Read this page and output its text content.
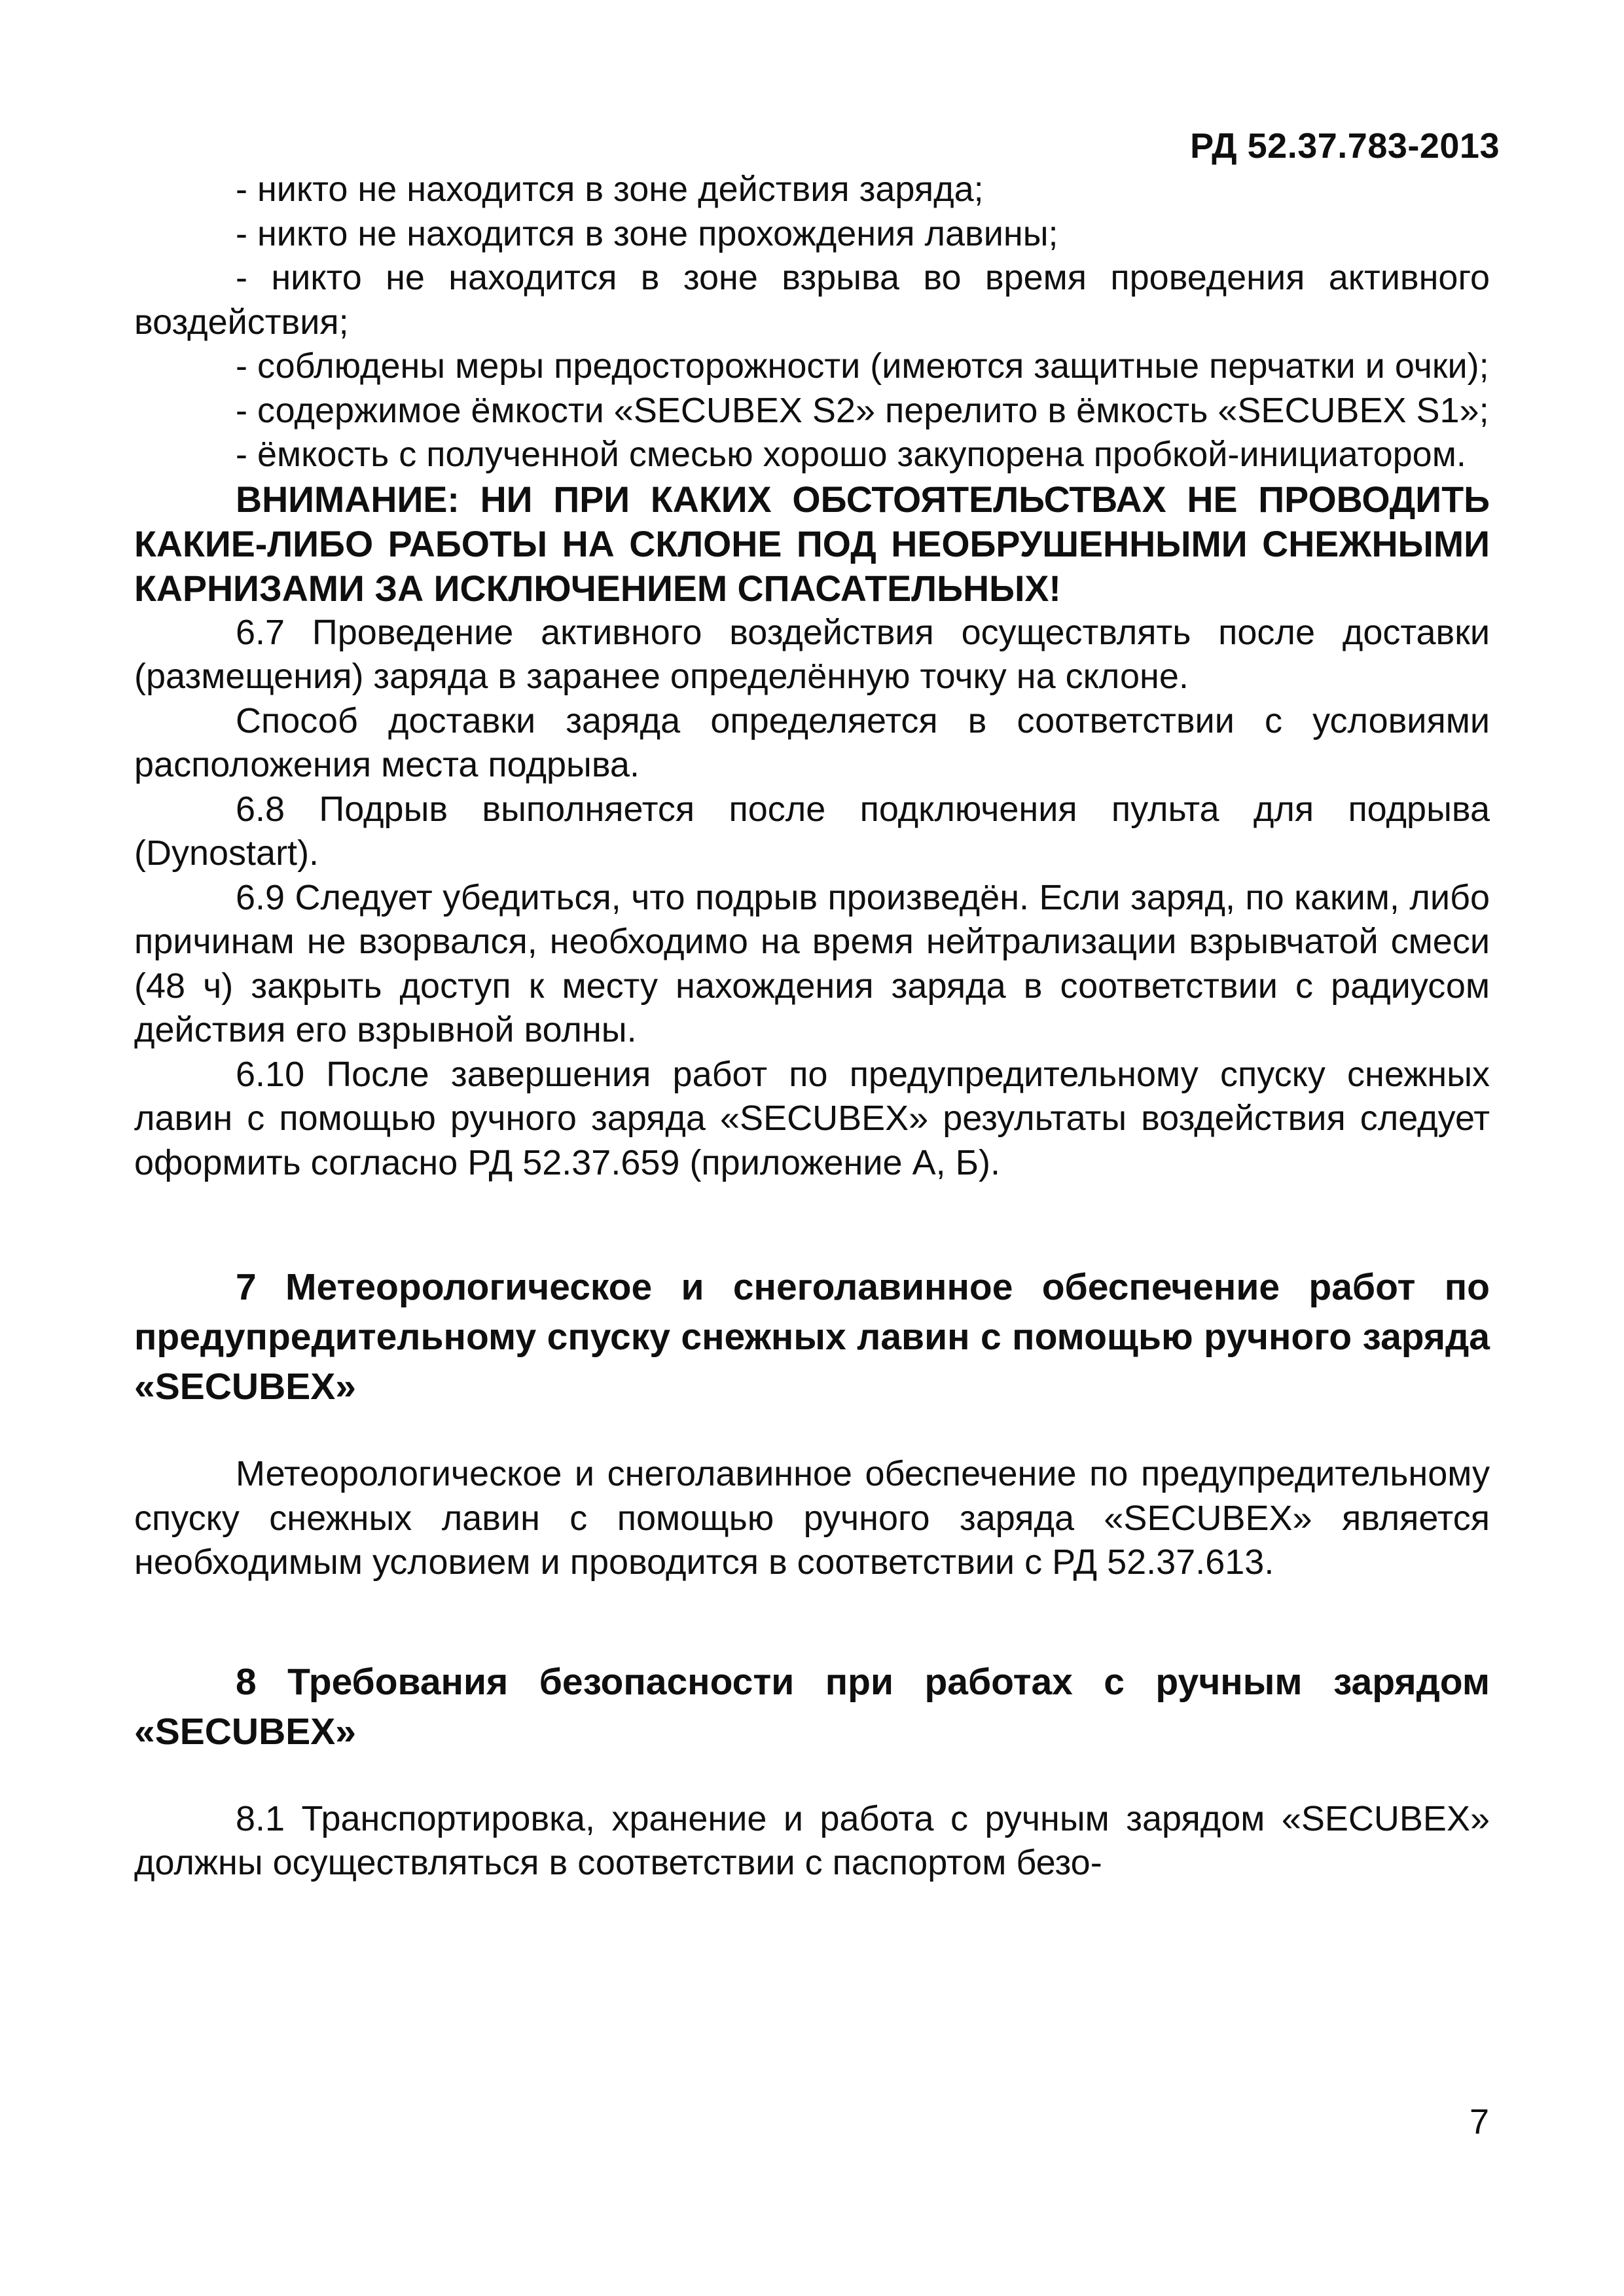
РД 52.37.783-2013

- никто не находится в зоне действия заряда;

- никто не находится в зоне прохождения лавины;

- никто не находится в зоне взрыва во время проведения активного воздействия;

- соблюдены меры предосторожности (имеются защитные перчатки и очки);

- содержимое ёмкости «SECUBEX S2» перелито в ёмкость «SECUBEX S1»;

- ёмкость с полученной смесью хорошо закупорена пробкой-инициатором.

ВНИМАНИЕ: НИ ПРИ КАКИХ ОБСТОЯТЕЛЬСТВАХ НЕ ПРОВОДИТЬ КАКИЕ-ЛИБО РАБОТЫ НА СКЛОНЕ ПОД НЕОБРУШЕННЫМИ СНЕЖНЫМИ КАРНИЗАМИ ЗА ИСКЛЮЧЕНИЕМ СПАСАТЕЛЬНЫХ!

6.7 Проведение активного воздействия осуществлять после доставки (размещения) заряда в заранее определённую точку на склоне.

Способ доставки заряда определяется в соответствии с условиями расположения места подрыва.

6.8 Подрыв выполняется после подключения пульта для подрыва (Dynostart).

6.9 Следует убедиться, что подрыв произведён. Если заряд, по каким, либо причинам не взорвался, необходимо на время нейтрализации взрывчатой смеси (48 ч) закрыть доступ к месту нахождения заряда в соответствии с радиусом действия его взрывной волны.

6.10 После завершения работ по предупредительному спуску снежных лавин с помощью ручного заряда «SECUBEX» результаты воздействия следует оформить согласно РД 52.37.659 (приложение А, Б).

7 Метеорологическое и снеголавинное обеспечение работ по предупредительному спуску снежных лавин с помощью ручного заряда «SECUBEX»

Метеорологическое и снеголавинное обеспечение по предупредительному спуску снежных лавин с помощью ручного заряда «SECUBEX» является необходимым условием и проводится в соответствии с РД 52.37.613.

8 Требования безопасности при работах с ручным зарядом «SECUBEX»

8.1 Транспортировка, хранение и работа с ручным зарядом «SECUBEX» должны осуществляться в соответствии с паспортом безо-

7
